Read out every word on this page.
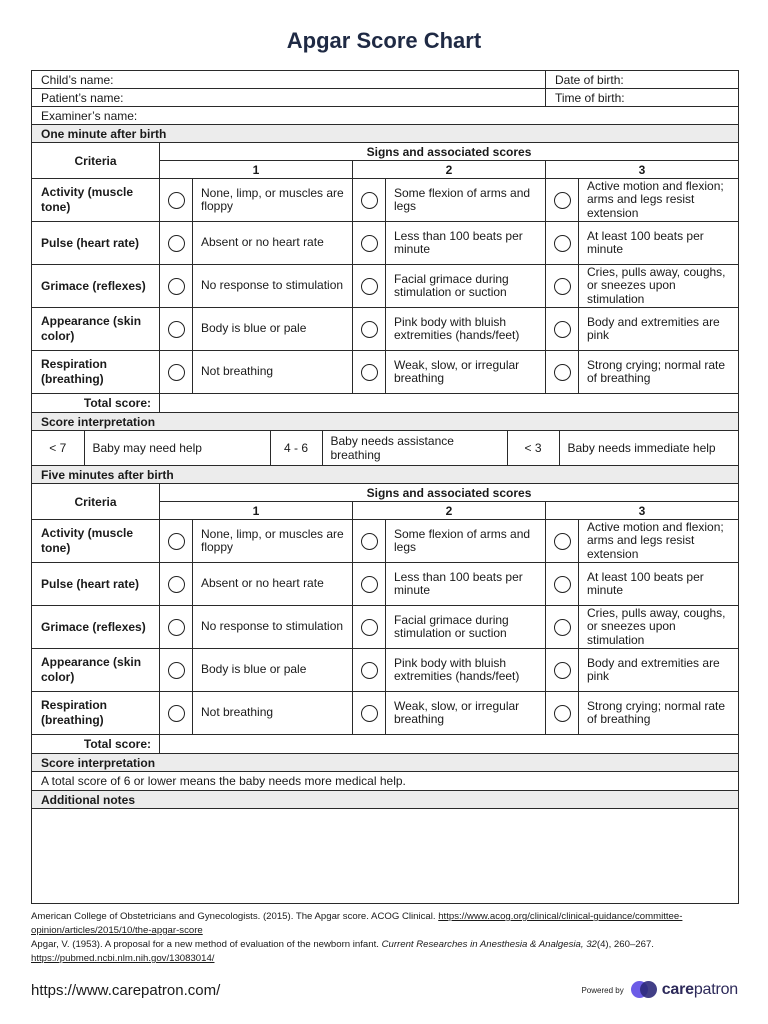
Apgar Score Chart
Child’s name:	Date of birth:
Patient’s name:	Time of birth:
Examiner’s name:
One minute after birth
Criteria	Signs and associated scores
1	2	3
Activity (muscle tone)		None, limp, or muscles are floppy		Some flexion of arms and legs		Active motion and flexion; arms and legs resist extension
Pulse (heart rate)		Absent or no heart rate		Less than 100 beats per minute		At least 100 beats per minute
Grimace (reflexes)		No response to stimulation		Facial grimace during stimulation or suction		Cries, pulls away, coughs, or sneezes upon stimulation
Appearance (skin color)		Body is blue or pale		Pink body with bluish extremities (hands/feet)		Body and extremities are pink
Respiration (breathing)		Not breathing		Weak, slow, or irregular breathing		Strong crying; normal rate of breathing
Total score:	
Score interpretation

< 7	Baby may need help	4 - 6	Baby needs assistance breathing	< 3	Baby needs immediate help

Five minutes after birth
Criteria	Signs and associated scores
1	2	3
Activity (muscle tone)		None, limp, or muscles are floppy		Some flexion of arms and legs		Active motion and flexion; arms and legs resist extension
Pulse (heart rate)		Absent or no heart rate		Less than 100 beats per minute		At least 100 beats per minute
Grimace (reflexes)		No response to stimulation		Facial grimace during stimulation or suction		Cries, pulls away, coughs, or sneezes upon stimulation
Appearance (skin color)		Body is blue or pale		Pink body with bluish extremities (hands/feet)		Body and extremities are pink
Respiration (breathing)		Not breathing		Weak, slow, or irregular breathing		Strong crying; normal rate of breathing
Total score:	
Score interpretation
A total score of 6 or lower means the baby needs more medical help.
Additional notes

American College of Obstetricians and Gynecologists. (2015). The Apgar score. ACOG Clinical. https://www.acog.org/clinical/clinical-guidance/committee-opinion/articles/2015/10/the-apgar-score
Apgar, V. (1953). A proposal for a new method of evaluation of the newborn infant. Current Researches in Anesthesia & Analgesia, 32(4), 260–267. https://pubmed.ncbi.nlm.nih.gov/13083014/
https://www.carepatron.com/	Powered by carepatron
